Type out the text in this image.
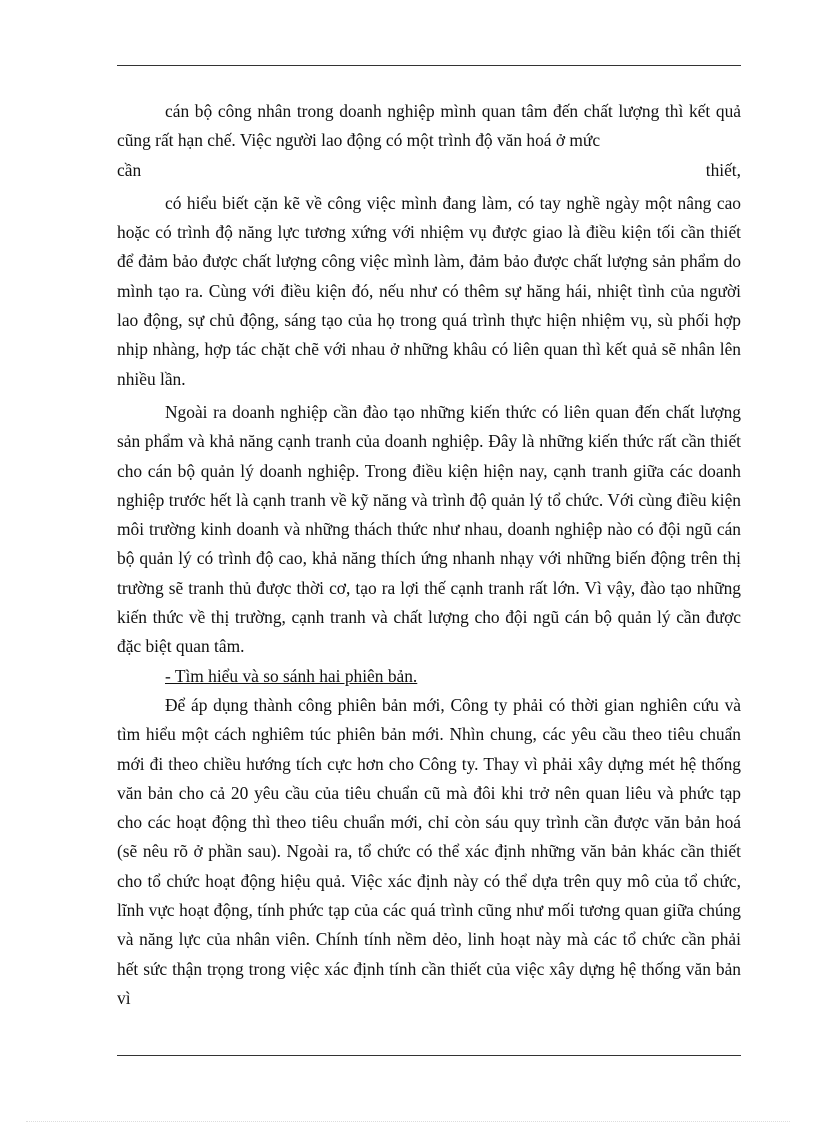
cán bộ công nhân trong doanh nghiệp mình quan tâm đến chất lượng thì kết quả cũng rất hạn chế. Việc người lao động có một trình độ văn hoá ở mức

cần	thiết,

có hiểu biết cặn kẽ về công việc mình đang làm, có tay nghề ngày một nâng cao hoặc có trình độ năng lực tương xứng với nhiệm vụ được giao là điều kiện tối cần thiết để đảm bảo được chất lượng công việc mình làm, đảm bảo được chất lượng sản phẩm do mình tạo ra. Cùng với điều kiện đó, nếu như có thêm sự hăng hái, nhiệt tình của người lao động, sự chủ động, sáng tạo của họ trong quá trình thực hiện nhiệm vụ, sù phối hợp nhịp nhàng, hợp tác chặt chẽ với nhau ở những khâu có liên quan thì kết quả sẽ nhân lên nhiều lần.

Ngoài ra doanh nghiệp cần đào tạo những kiến thức có liên quan đến chất lượng sản phẩm và khả năng cạnh tranh của doanh nghiệp. Đây là những kiến thức rất cần thiết cho cán bộ quản lý doanh nghiệp. Trong điều kiện hiện nay, cạnh tranh giữa các doanh nghiệp trước hết là cạnh tranh về kỹ năng và trình độ quản lý tổ chức. Với cùng điều kiện môi trường kinh doanh và những thách thức như nhau, doanh nghiệp nào có đội ngũ cán bộ quản lý có trình độ cao, khả năng thích ứng nhanh nhạy với những biến động trên thị trường sẽ tranh thủ được thời cơ, tạo ra lợi thế cạnh tranh rất lớn. Vì vậy, đào tạo những kiến thức về thị trường, cạnh tranh và chất lượng cho đội ngũ cán bộ quản lý cần được đặc biệt quan tâm.

- Tìm hiểu và so sánh hai phiên bản.

Để áp dụng thành công phiên bản mới, Công ty phải có thời gian nghiên cứu và tìm hiểu một cách nghiêm túc phiên bản mới. Nhìn chung, các yêu cầu theo tiêu chuẩn mới đi theo chiều hướng tích cực hơn cho Công ty. Thay vì phải xây dựng mét hệ thống văn bản cho cả 20 yêu cầu của tiêu chuẩn cũ mà đôi khi trở nên quan liêu và phức tạp cho các hoạt động thì theo tiêu chuẩn mới, chỉ còn sáu quy trình cần được văn bản hoá (sẽ nêu rõ ở phần sau). Ngoài ra, tổ chức có thể xác định những văn bản khác cần thiết cho tổ chức hoạt động hiệu quả. Việc xác định này có thể dựa trên quy mô của tổ chức, lĩnh vực hoạt động, tính phức tạp của các quá trình cũng như mối tương quan giữa chúng và năng lực của nhân viên. Chính tính nềm dẻo, linh hoạt này mà các tổ chức cần phải hết sức thận trọng trong việc xác định tính cần thiết của việc xây dựng hệ thống văn bản vì
